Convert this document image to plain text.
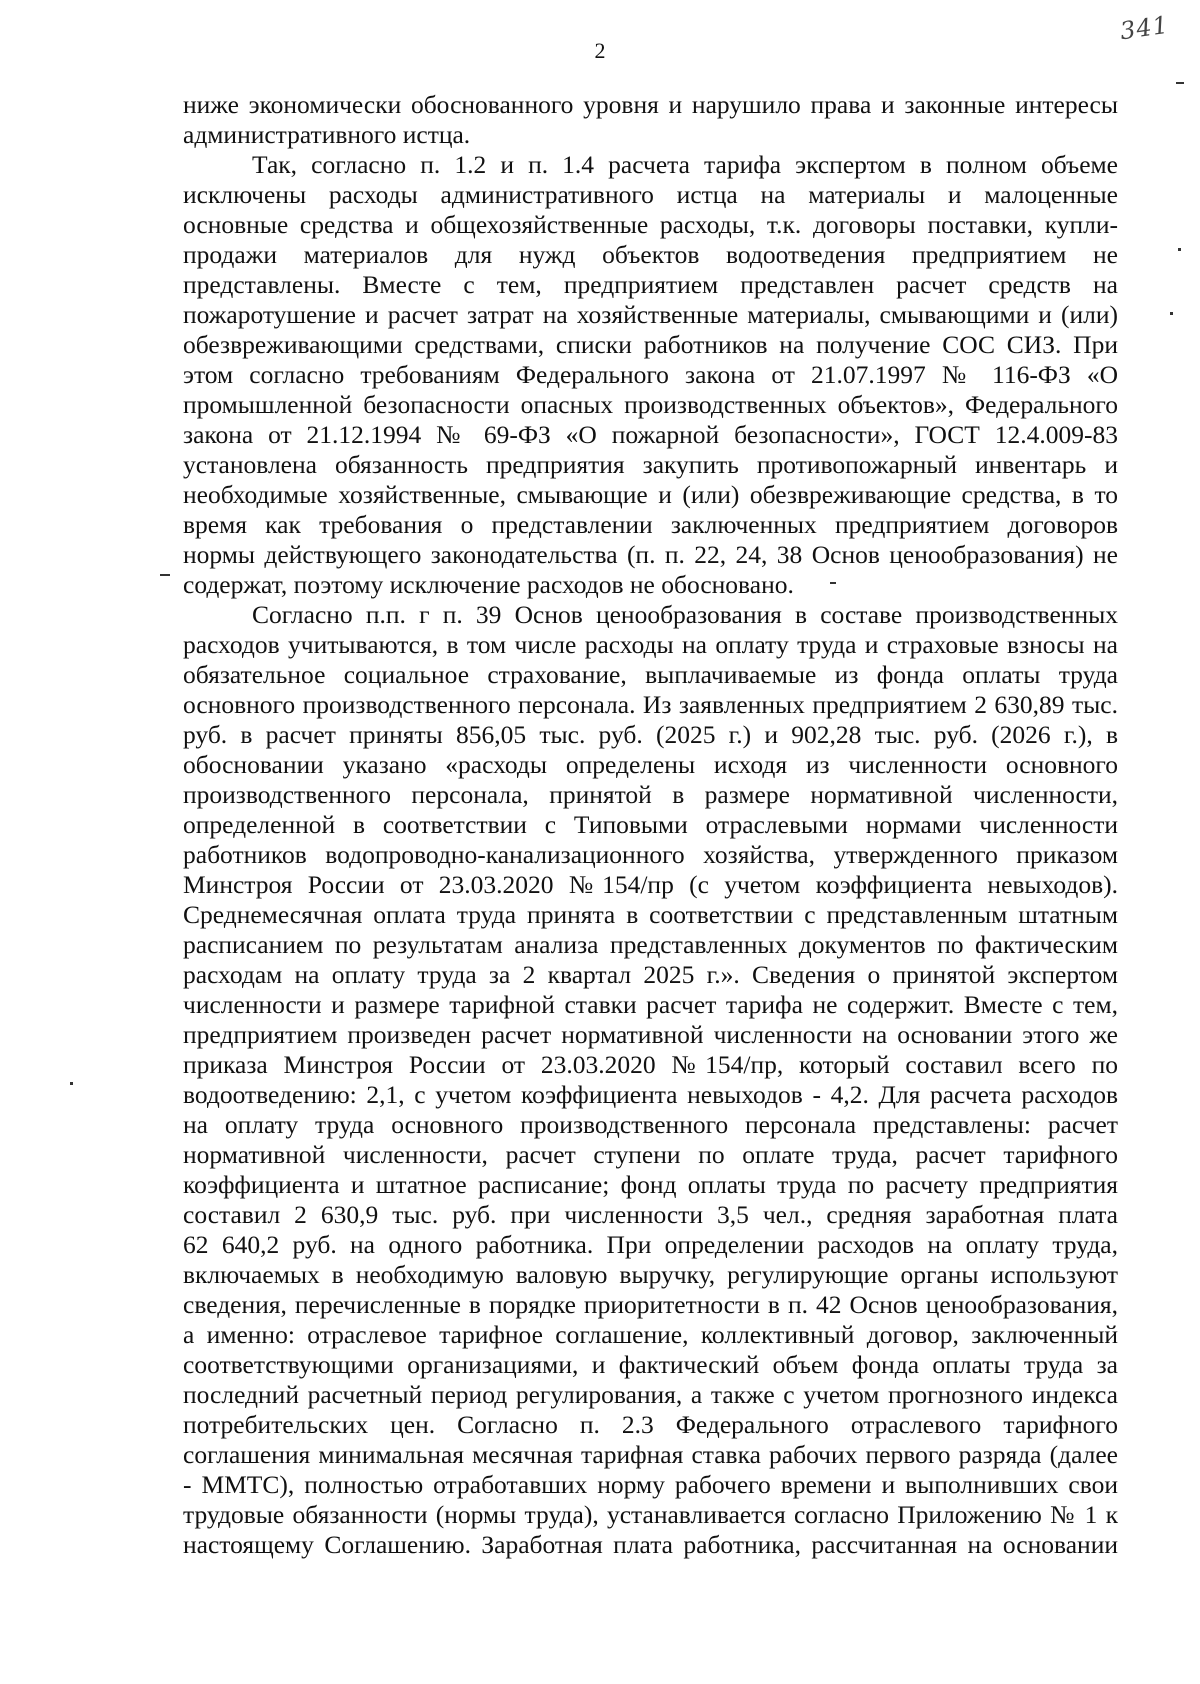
2
341
ниже экономически обоснованного уровня и нарушило права и законные интересы
административного истца.
Так, согласно п. 1.2 и п. 1.4 расчета тарифа экспертом в полном объеме
исключены расходы административного истца на материалы и малоценные
основные средства и общехозяйственные расходы, т.к. договоры поставки, купли-
продажи материалов для нужд объектов водоотведения предприятием не
представлены. Вместе с тем, предприятием представлен расчет средств на
пожаротушение и расчет затрат на хозяйственные материалы, смывающими и (или)
обезвреживающими средствами, списки работников на получение СОС СИЗ. При
этом согласно требованиям Федерального закона от 21.07.1997 № 116-ФЗ «О
промышленной безопасности опасных производственных объектов», Федерального
закона от 21.12.1994 № 69-ФЗ «О пожарной безопасности», ГОСТ 12.4.009-83
установлена обязанность предприятия закупить противопожарный инвентарь и
необходимые хозяйственные, смывающие и (или) обезвреживающие средства, в то
время как требования о представлении заключенных предприятием договоров
нормы действующего законодательства (п. п. 22, 24, 38 Основ ценообразования) не
содержат, поэтому исключение расходов не обосновано.
Согласно п.п. г п. 39 Основ ценообразования в составе производственных
расходов учитываются, в том числе расходы на оплату труда и страховые взносы на
обязательное социальное страхование, выплачиваемые из фонда оплаты труда
основного производственного персонала. Из заявленных предприятием 2 630,89 тыс.
руб. в расчет приняты 856,05 тыс. руб. (2025 г.) и 902,28 тыс. руб. (2026 г.), в
обосновании указано «расходы определены исходя из численности основного
производственного персонала, принятой в размере нормативной численности,
определенной в соответствии с Типовыми отраслевыми нормами численности
работников водопроводно-канализационного хозяйства, утвержденного приказом
Минстроя России от 23.03.2020 №154/пр (с учетом коэффициента невыходов).
Среднемесячная оплата труда принята в соответствии с представленным штатным
расписанием по результатам анализа представленных документов по фактическим
расходам на оплату труда за 2 квартал 2025 г.». Сведения о принятой экспертом
численности и размере тарифной ставки расчет тарифа не содержит. Вместе с тем,
предприятием произведен расчет нормативной численности на основании этого же
приказа Минстроя России от 23.03.2020 №154/пр, который составил всего по
водоотведению: 2,1, с учетом коэффициента невыходов - 4,2. Для расчета расходов
на оплату труда основного производственного персонала представлены: расчет
нормативной численности, расчет ступени по оплате труда, расчет тарифного
коэффициента и штатное расписание; фонд оплаты труда по расчету предприятия
составил 2 630,9 тыс. руб. при численности 3,5 чел., средняя заработная плата
62 640,2 руб. на одного работника. При определении расходов на оплату труда,
включаемых в необходимую валовую выручку, регулирующие органы используют
сведения, перечисленные в порядке приоритетности в п. 42 Основ ценообразования,
а именно: отраслевое тарифное соглашение, коллективный договор, заключенный
соответствующими организациями, и фактический объем фонда оплаты труда за
последний расчетный период регулирования, а также с учетом прогнозного индекса
потребительских цен. Согласно п. 2.3 Федерального отраслевого тарифного
соглашения минимальная месячная тарифная ставка рабочих первого разряда (далее
- ММТС), полностью отработавших норму рабочего времени и выполнивших свои
трудовые обязанности (нормы труда), устанавливается согласно Приложению № 1 к
настоящему Соглашению. Заработная плата работника, рассчитанная на основании
